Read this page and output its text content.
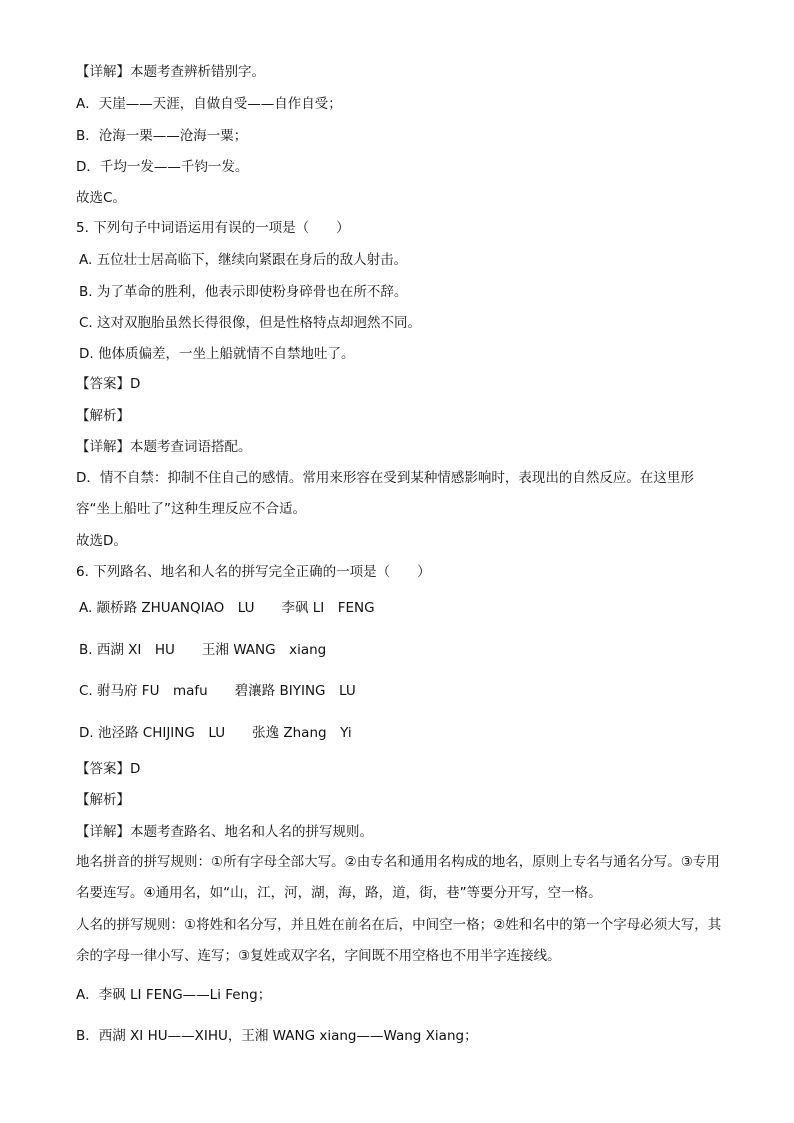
【详解】本题考查辨析错别字。
A．天崖——天涯，自做自受——自作自受；
B．沧海一栗——沧海一粟；
D．千均一发——千钧一发。
故选C。
5. 下列句子中词语运用有误的一项是（　　）
A. 五位壮士居高临下，继续向紧跟在身后的敌人射击。
B. 为了革命的胜利，他表示即使粉身碎骨也在所不辞。
C. 这对双胞胎虽然长得很像，但是性格特点却迥然不同。
D. 他体质偏差，一坐上船就情不自禁地吐了。
【答案】D
【解析】
【详解】本题考查词语搭配。
D．情不自禁：抑制不住自己的感情。常用来形容在受到某种情感影响时，表现出的自然反应。在这里形容“坐上船吐了”这种生理反应不合适。
故选D。
6. 下列路名、地名和人名的拼写完全正确的一项是（　　）
A. 颛桥路 ZHUANQIAO　LU　　李砜 LI　FENG
B. 西湖 XI　HU　　王湘 WANG　xiang
C. 驸马府 FU　mafu　　碧瀼路 BIYING　LU
D. 池泾路 CHIJING　LU　　张逸 Zhang　Yi
【答案】D
【解析】
【详解】本题考查路名、地名和人名的拼写规则。
地名拼音的拼写规则：①所有字母全部大写。②由专名和通用名构成的地名，原则上专名与通名分写。③专用名要连写。④通用名，如“山，江，河，湖，海，路，道，街，巷”等要分开写，空一格。
人名的拼写规则：①将姓和名分写，并且姓在前名在后，中间空一格；②姓和名中的第一个字母必须大写，其余的字母一律小写、连写；③复姓或双字名，字间既不用空格也不用半字连接线。
A．李砜 LI FENG——Li Feng；
B．西湖 XI HU——XIHU，王湘 WANG xiang——Wang Xiang；
